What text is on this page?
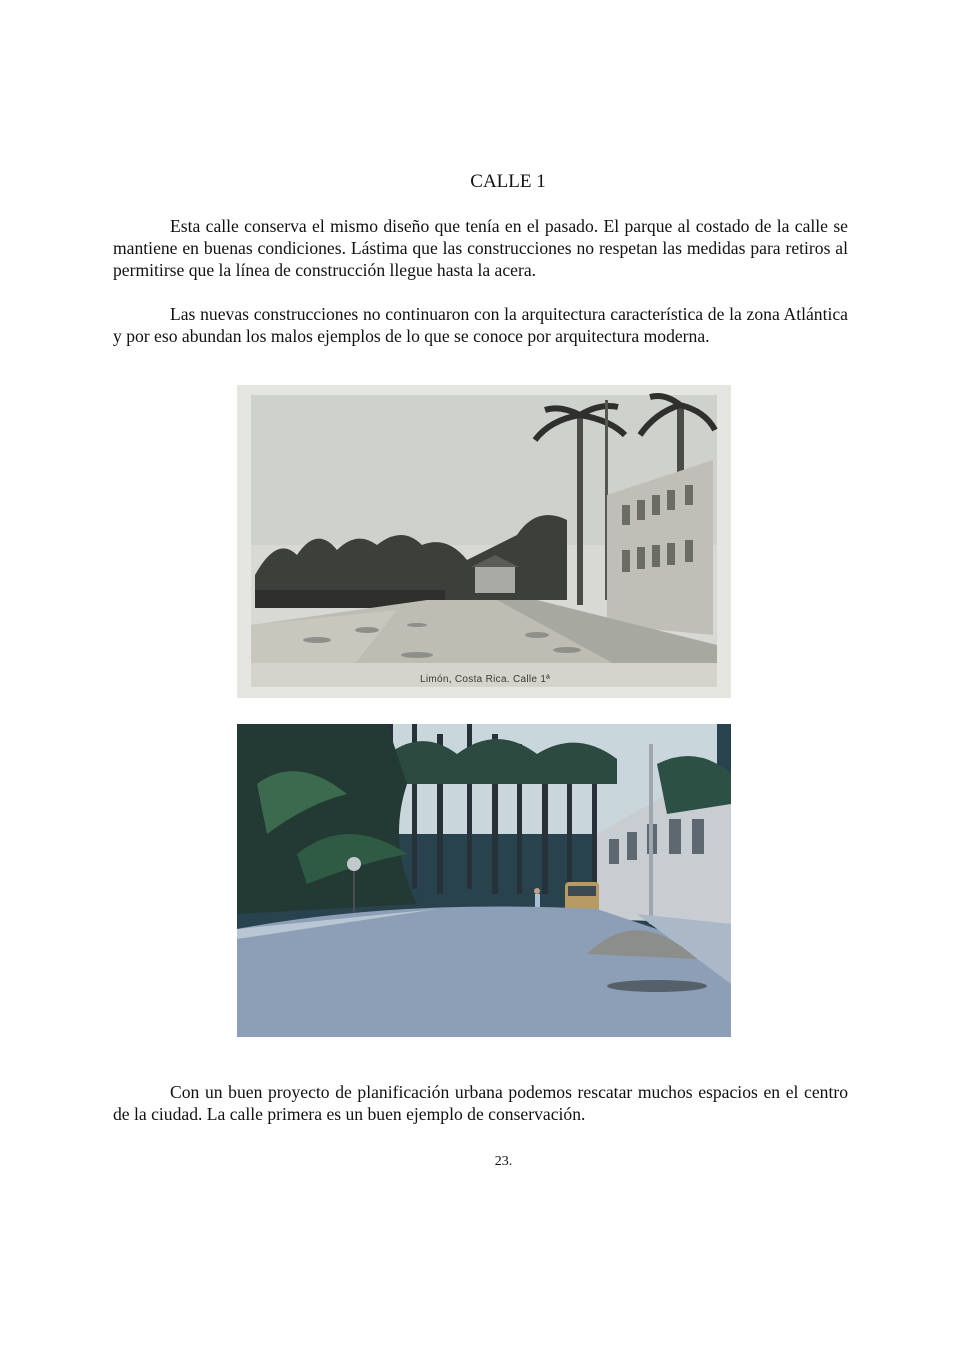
CALLE 1

Esta calle conserva el mismo diseño que tenía en el pasado. El parque al costado de la calle se mantiene en buenas condiciones. Lástima que las construcciones no respetan las medidas para retiros al permitirse que la línea de construcción llegue hasta la acera.

Las nuevas construcciones no continuaron con la arquitectura característica de la zona Atlántica y por eso abundan los malos ejemplos de lo que se conoce por arquitectura moderna.

Limón, Costa Rica. Calle 1ª

Con un buen proyecto de planificación urbana podemos rescatar muchos espacios en el centro de la ciudad. La calle primera es un buen ejemplo de conservación.

23.
